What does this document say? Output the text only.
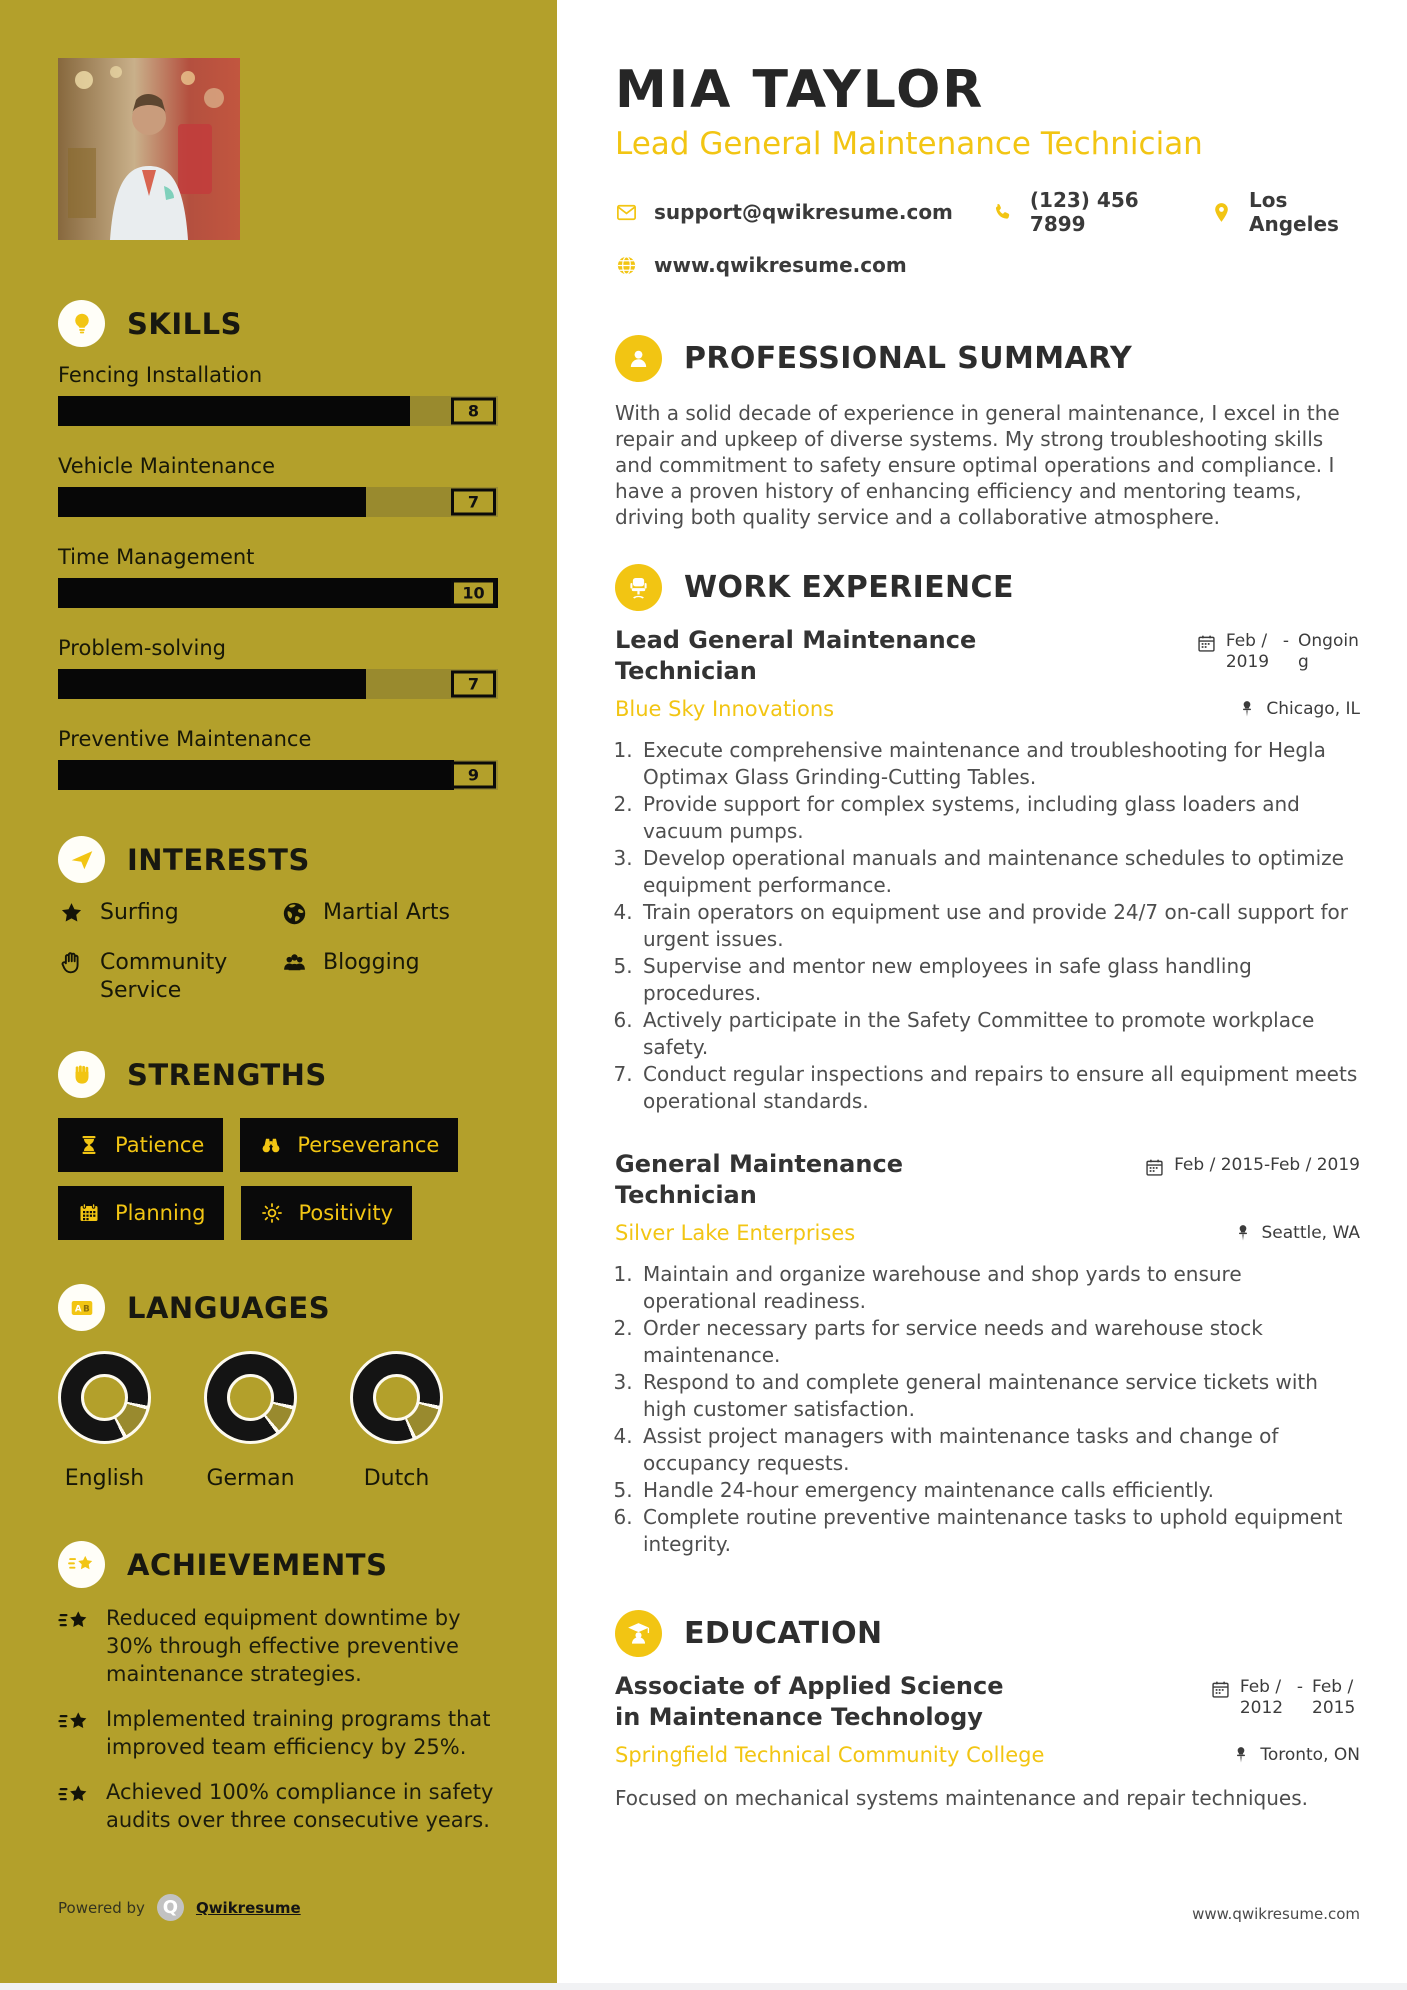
SKILLS
Fencing Installation
8
Vehicle Maintenance
7
Time Management
10
Problem-solving
7
Preventive Maintenance
9
INTERESTS
Surfing	Martial Arts
Community Service
Blogging
STRENGTHS
Patience	Perseverance
Planning	Positivity
A B LANGUAGES
English	German	Dutch
ACHIEVEMENTS
Reduced equipment downtime by 30% through effective preventive maintenance strategies.
Implemented training programs that improved team efficiency by 25%.
Achieved 100% compliance in safety audits over three consecutive years.
Powered by Q	Qwikresume
MIA TAYLOR
Lead General Maintenance Technician
support@qwikresume.com	(123) 456 7899
Los Angeles
www.qwikresume.com
PROFESSIONAL SUMMARY

With a solid decade of experience in general maintenance, I excel in the repair and upkeep of diverse systems. My strong troubleshooting skills and commitment to safety ensure optimal operations and compliance. I have a proven history of enhancing efficiency and mentoring teams, driving both quality service and a collaborative atmosphere.

WORK EXPERIENCE
Lead General Maintenance Technician
Feb / 2019
- Ongoing
Blue Sky Innovations	Chicago, IL
1. Execute comprehensive maintenance and troubleshooting for Hegla Optimax Glass Grinding-Cutting Tables.
2. Provide support for complex systems, including glass loaders and vacuum pumps.
3. Develop operational manuals and maintenance schedules to optimize equipment performance.
4. Train operators on equipment use and provide 24/7 on-call support for urgent issues.
5. Supervise and mentor new employees in safe glass handling procedures.
6. Actively participate in the Safety Committee to promote workplace safety.
7. Conduct regular inspections and repairs to ensure all equipment meets operational standards.
General Maintenance Technician
Feb / 2015-Feb / 2019
Silver Lake Enterprises	Seattle, WA
1. Maintain and organize warehouse and shop yards to ensure operational readiness.
2. Order necessary parts for service needs and warehouse stock maintenance.
3. Respond to and complete general maintenance service tickets with high customer satisfaction.
4. Assist project managers with maintenance tasks and change of occupancy requests.
5. Handle 24-hour emergency maintenance calls efficiently.
6. Complete routine preventive maintenance tasks to uphold equipment integrity.
EDUCATION
Associate of Applied Science in Maintenance Technology
Feb / 2012
- Feb / 2015
Springfield Technical Community College	Toronto, ON

Focused on mechanical systems maintenance and repair techniques.

www.qwikresume.com
